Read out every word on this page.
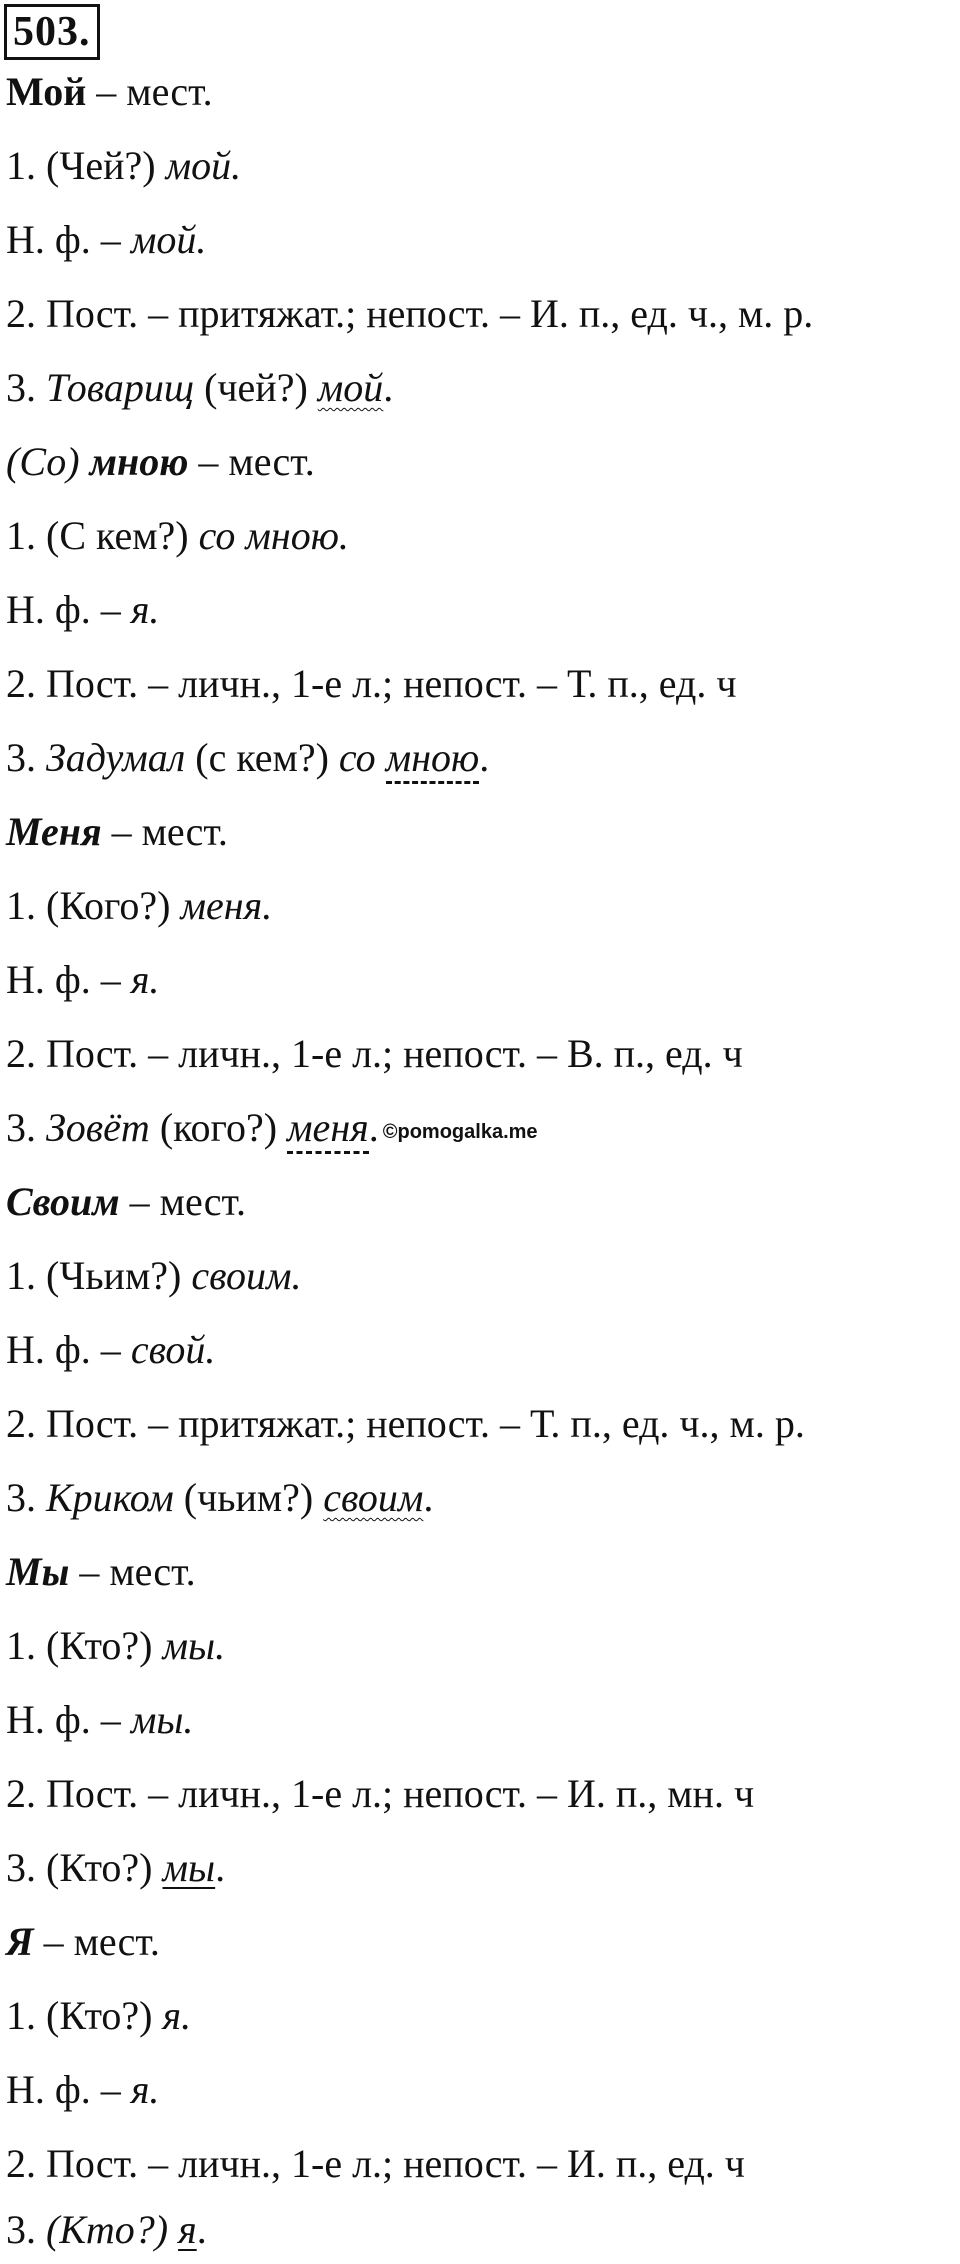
503.
Мой – мест.
1. (Чей?) мой.
Н. ф. – мой.
2. Пост. – притяжат.; непост. – И. п., ед. ч., м. р.
3. Товарищ (чей?) мой.
(Со) мною – мест.
1. (С кем?) со мною.
Н. ф. – я.
2. Пост. – личн., 1-е л.; непост. – Т. п., ед. ч
3. Задумал (с кем?) со мною.
Меня – мест.
1. (Кого?) меня.
Н. ф. – я.
2. Пост. – личн., 1-е л.; непост. – В. п., ед. ч
3. Зовёт (кого?) меня. ©pomogalka.me
Своим – мест.
1. (Чьим?) своим.
Н. ф. – свой.
2. Пост. – притяжат.; непост. – Т. п., ед. ч., м. р.
3. Криком (чьим?) своим.
Мы – мест.
1. (Кто?) мы.
Н. ф. – мы.
2. Пост. – личн., 1-е л.; непост. – И. п., мн. ч
3. (Кто?) мы.
Я – мест.
1. (Кто?) я.
Н. ф. – я.
2. Пост. – личн., 1-е л.; непост. – И. п., ед. ч
3. (Кто?) я.
